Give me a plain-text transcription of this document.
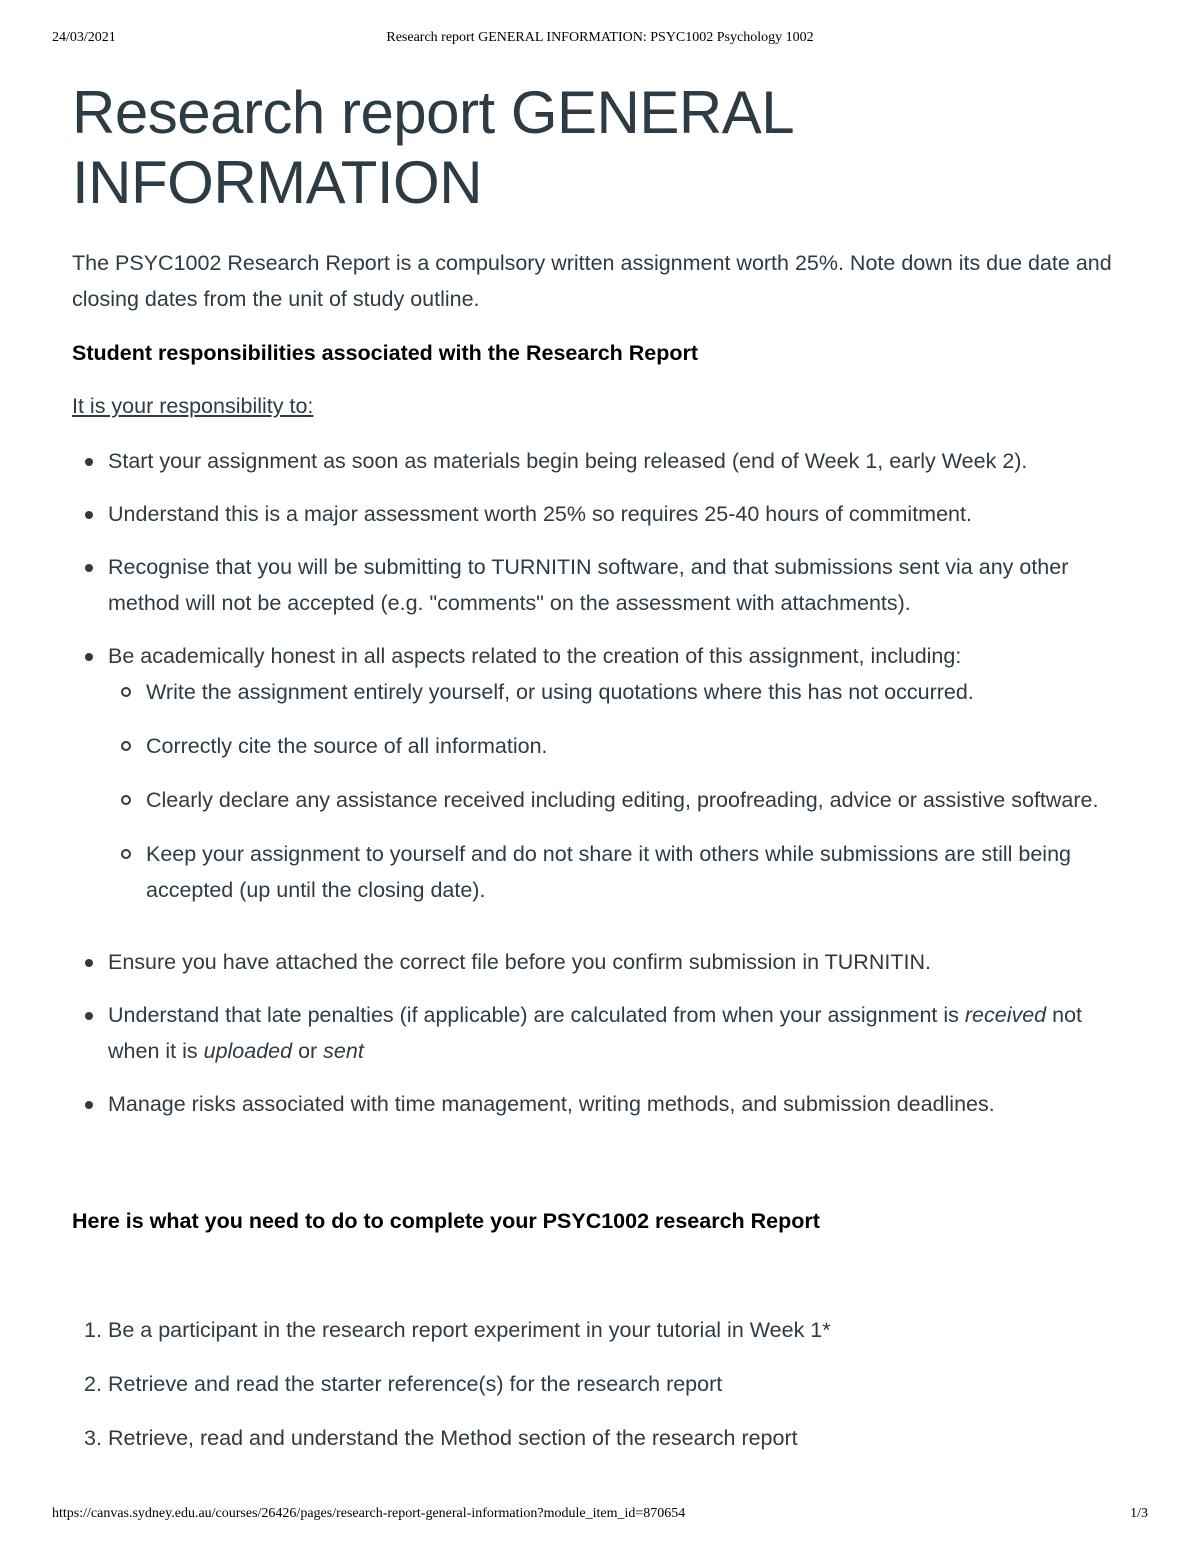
24/03/2021	Research report GENERAL INFORMATION: PSYC1002 Psychology 1002
Research report GENERAL INFORMATION

The PSYC1002 Research Report is a compulsory written assignment worth 25%. Note down its due date and closing dates from the unit of study outline.

Student responsibilities associated with the Research Report

It is your responsibility to:

Start your assignment as soon as materials begin being released (end of Week 1, early Week 2).
Understand this is a major assessment worth 25% so requires 25-40 hours of commitment.
Recognise that you will be submitting to TURNITIN software, and that submissions sent via any other method will not be accepted (e.g. "comments" on the assessment with attachments).
Be academically honest in all aspects related to the creation of this assignment, including:
Write the assignment entirely yourself, or using quotations where this has not occurred.
Correctly cite the source of all information.
Clearly declare any assistance received including editing, proofreading, advice or assistive software.
Keep your assignment to yourself and do not share it with others while submissions are still being accepted (up until the closing date).
Ensure you have attached the correct file before you confirm submission in TURNITIN.
Understand that late penalties (if applicable) are calculated from when your assignment is received not when it is uploaded or sent
Manage risks associated with time management, writing methods, and submission deadlines.
Here is what you need to do to complete your PSYC1002 research Report
1. Be a participant in the research report experiment in your tutorial in Week 1*
2. Retrieve and read the starter reference(s) for the research report
3. Retrieve, read and understand the Method section of the research report
https://canvas.sydney.edu.au/courses/26426/pages/research-report-general-information?module_item_id=870654	1/3
